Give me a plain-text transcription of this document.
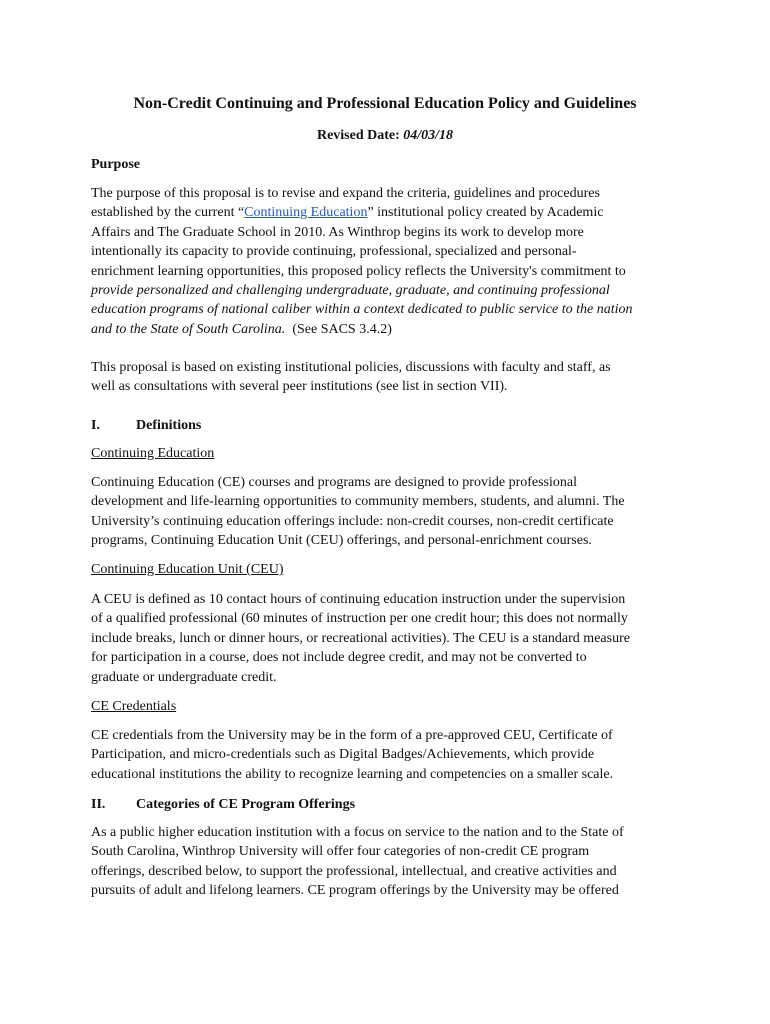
Non-Credit Continuing and Professional Education Policy and Guidelines
Revised Date: 04/03/18
Purpose
The purpose of this proposal is to revise and expand the criteria, guidelines and procedures
established by the current “Continuing Education” institutional policy created by Academic
Affairs and The Graduate School in 2010. As Winthrop begins its work to develop more
intentionally its capacity to provide continuing, professional, specialized and personal-
enrichment learning opportunities, this proposed policy reflects the University's commitment to
provide personalized and challenging undergraduate, graduate, and continuing professional
education programs of national caliber within a context dedicated to public service to the nation
and to the State of South Carolina. (See SACS 3.4.2)
This proposal is based on existing institutional policies, discussions with faculty and staff, as
well as consultations with several peer institutions (see list in section VII).
I.	Definitions
Continuing Education
Continuing Education (CE) courses and programs are designed to provide professional
development and life-learning opportunities to community members, students, and alumni. The
University’s continuing education offerings include: non-credit courses, non-credit certificate
programs, Continuing Education Unit (CEU) offerings, and personal-enrichment courses.
Continuing Education Unit (CEU)
A CEU is defined as 10 contact hours of continuing education instruction under the supervision
of a qualified professional (60 minutes of instruction per one credit hour; this does not normally
include breaks, lunch or dinner hours, or recreational activities). The CEU is a standard measure
for participation in a course, does not include degree credit, and may not be converted to
graduate or undergraduate credit.
CE Credentials
CE credentials from the University may be in the form of a pre-approved CEU, Certificate of
Participation, and micro-credentials such as Digital Badges/Achievements, which provide
educational institutions the ability to recognize learning and competencies on a smaller scale.
II. Categories of CE Program Offerings
As a public higher education institution with a focus on service to the nation and to the State of
South Carolina, Winthrop University will offer four categories of non-credit CE program
offerings, described below, to support the professional, intellectual, and creative activities and
pursuits of adult and lifelong learners. CE program offerings by the University may be offered
